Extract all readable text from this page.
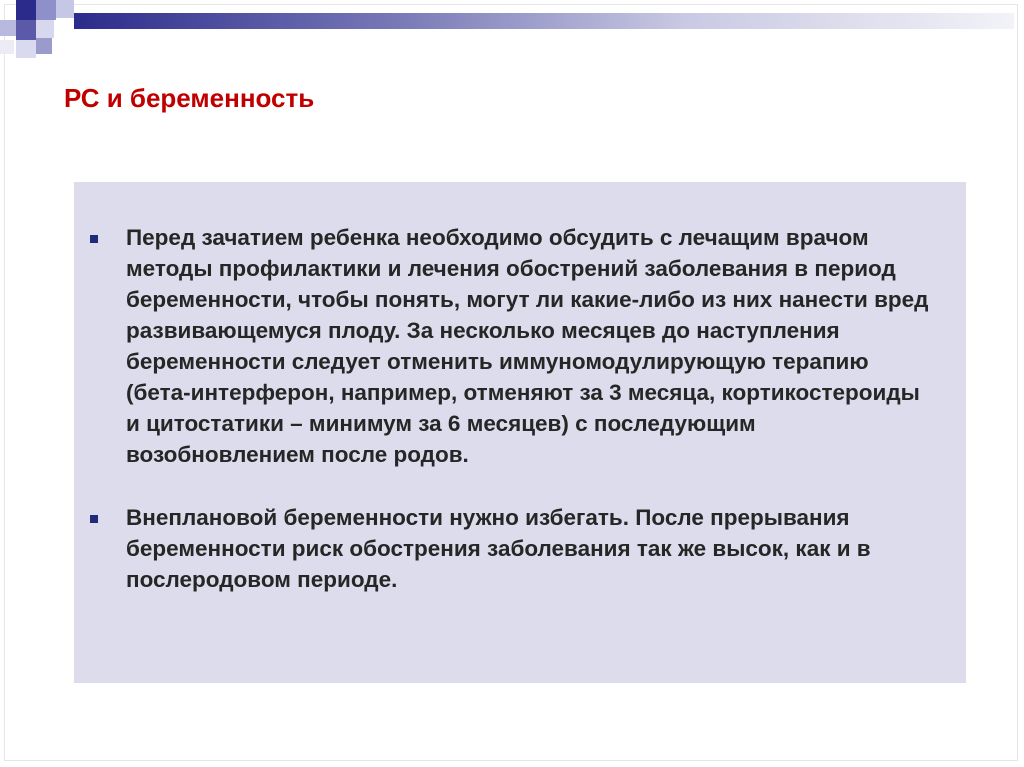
РС и беременность
Перед зачатием ребенка необходимо обсудить с лечащим врачом методы профилактики и лечения обострений заболевания в период беременности, чтобы понять, могут ли какие-либо из них нанести вред развивающемуся плоду. За несколько месяцев до наступления беременности следует отменить иммуномодулирующую терапию (бета-интерферон, например, отменяют за 3 месяца, кортикостероиды и цитостатики – минимум за 6 месяцев) с последующим возобновлением после родов.
Внеплановой беременности нужно избегать. После прерывания беременности риск обострения заболевания так же высок, как и в послеродовом периоде.
